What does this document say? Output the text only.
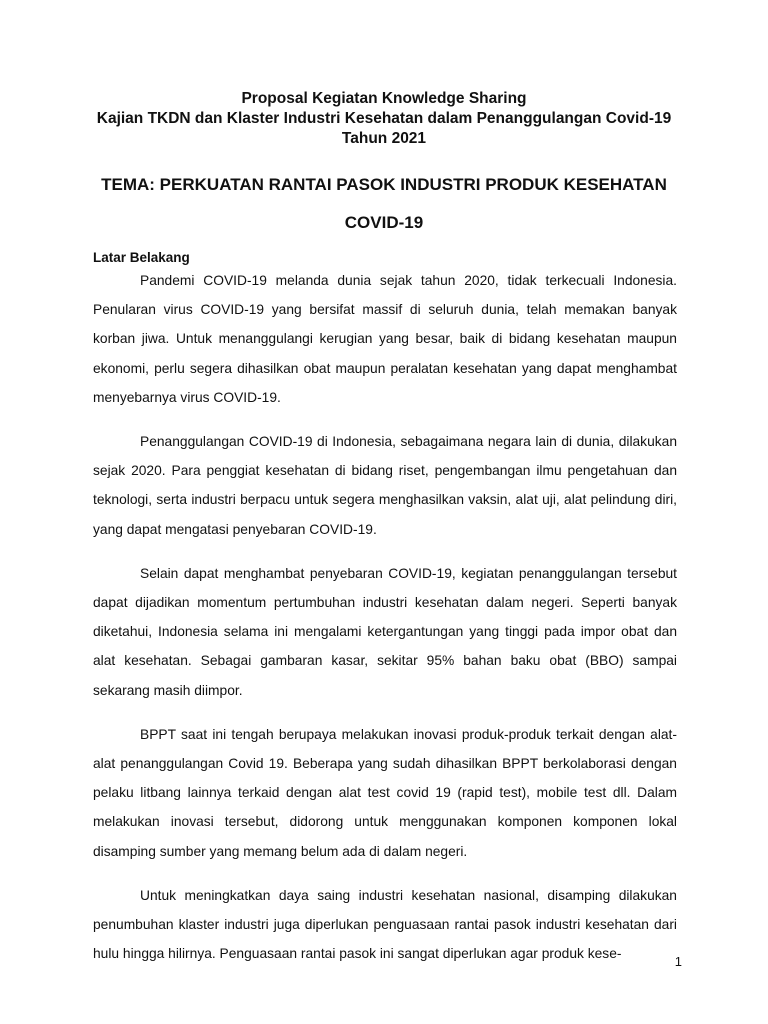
Proposal Kegiatan Knowledge Sharing
Kajian TKDN dan Klaster Industri Kesehatan dalam Penanggulangan Covid-19
Tahun 2021
TEMA: PERKUATAN RANTAI PASOK INDUSTRI PRODUK KESEHATAN
COVID-19
Latar Belakang

Pandemi COVID-19 melanda dunia sejak tahun 2020, tidak terkecuali Indonesia. Penularan virus COVID-19 yang bersifat massif di seluruh dunia, telah memakan banyak korban jiwa. Untuk menanggulangi kerugian yang besar, baik di bidang kesehatan maupun ekonomi, perlu segera dihasilkan obat maupun peralatan kesehatan yang dapat menghambat menyebarnya virus COVID-19.

Penanggulangan COVID-19 di Indonesia, sebagaimana negara lain di dunia, dilakukan sejak 2020. Para penggiat kesehatan di bidang riset, pengembangan ilmu pengetahuan dan teknologi, serta industri berpacu untuk segera menghasilkan vaksin, alat uji, alat pelindung diri, yang dapat mengatasi penyebaran COVID-19.

Selain dapat menghambat penyebaran COVID-19, kegiatan penanggulangan tersebut dapat dijadikan momentum pertumbuhan industri kesehatan dalam negeri. Seperti banyak diketahui, Indonesia selama ini mengalami ketergantungan yang tinggi pada impor obat dan alat kesehatan. Sebagai gambaran kasar, sekitar 95% bahan baku obat (BBO) sampai sekarang masih diimpor.

BPPT saat ini tengah berupaya melakukan inovasi produk-produk terkait dengan alat-alat penanggulangan Covid 19. Beberapa yang sudah dihasilkan BPPT berkolaborasi dengan pelaku litbang lainnya terkaid dengan alat test covid 19 (rapid test), mobile test dll. Dalam melakukan inovasi tersebut, didorong untuk menggunakan komponen komponen lokal disamping sumber yang memang belum ada di dalam negeri.

Untuk meningkatkan daya saing industri kesehatan nasional, disamping dilakukan penumbuhan klaster industri juga diperlukan penguasaan rantai pasok industri kesehatan dari hulu hingga hilirnya. Penguasaan rantai pasok ini sangat diperlukan agar produk kese-

1
